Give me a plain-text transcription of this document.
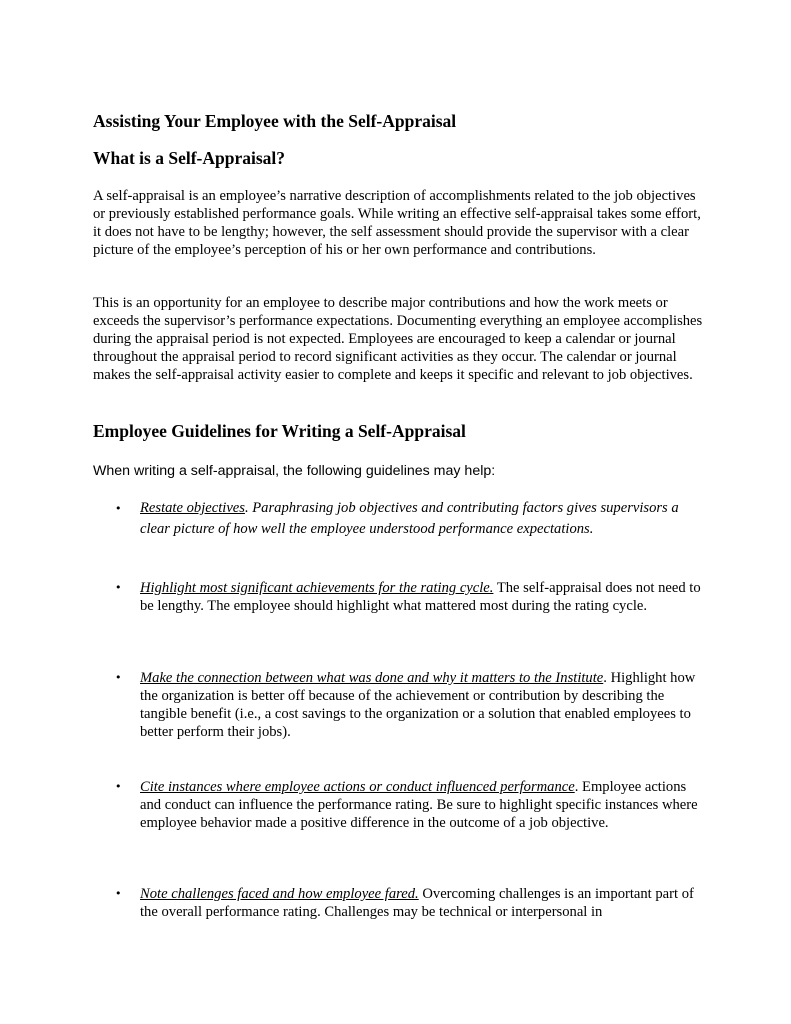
Assisting Your Employee with the Self-Appraisal
What is a Self-Appraisal?

A self-appraisal is an employee’s narrative description of accomplishments related to the job objectives or previously established performance goals. While writing an effective self-appraisal takes some effort, it does not have to be lengthy; however, the self assessment should provide the supervisor with a clear picture of the employee’s perception of his or her own performance and contributions.

This is an opportunity for an employee to describe major contributions and how the work meets or exceeds the supervisor’s performance expectations. Documenting everything an employee accomplishes during the appraisal period is not expected. Employees are encouraged to keep a calendar or journal throughout the appraisal period to record significant activities as they occur. The calendar or journal makes the self-appraisal activity easier to complete and keeps it specific and relevant to job objectives.

Employee Guidelines for Writing a Self-Appraisal

When writing a self-appraisal, the following guidelines may help:

•	Restate objectives. Paraphrasing job objectives and contributing factors gives supervisors a clear picture of how well the employee understood performance expectations.
•	Highlight most significant achievements for the rating cycle. The self-appraisal does not need to be lengthy. The employee should highlight what mattered most during the rating cycle.
•	Make the connection between what was done and why it matters to the Institute. Highlight how the organization is better off because of the achievement or contribution by describing the tangible benefit (i.e., a cost savings to the organization or a solution that enabled employees to better perform their jobs).
•	Cite instances where employee actions or conduct influenced performance. Employee actions and conduct can influence the performance rating. Be sure to highlight specific instances where employee behavior made a positive difference in the outcome of a job objective.
•	Note challenges faced and how employee fared. Overcoming challenges is an important part of the overall performance rating. Challenges may be technical or interpersonal in
